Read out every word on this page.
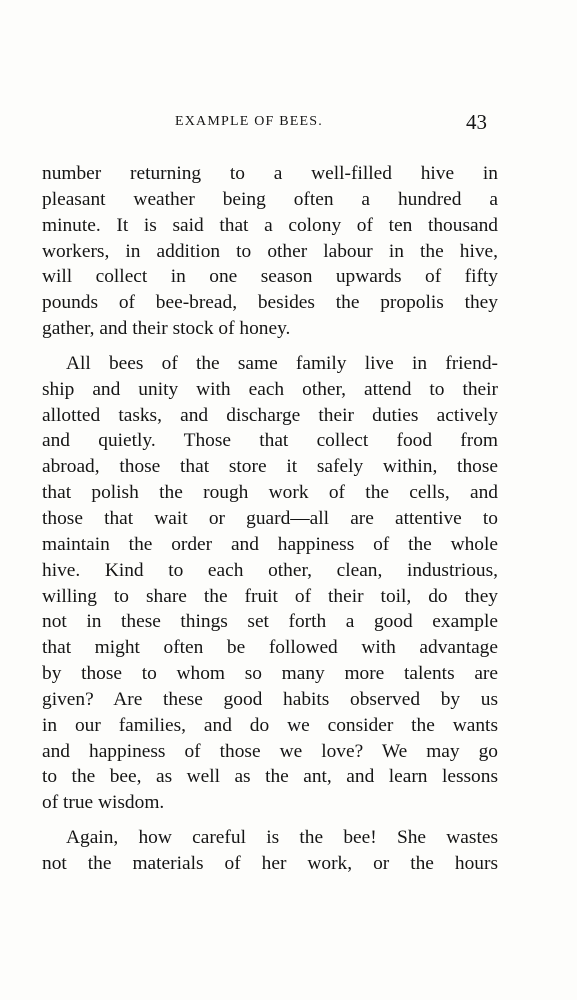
EXAMPLE OF BEES.	43
number returning to a well-filled hive in
pleasant weather being often a hundred a
minute. It is said that a colony of ten thousand
workers, in addition to other labour in the hive,
will collect in one season upwards of fifty
pounds of bee-bread, besides the propolis they
gather, and their stock of honey.
All bees of the same family live in friend-
ship and unity with each other, attend to their
allotted tasks, and discharge their duties actively
and quietly. Those that collect food from
abroad, those that store it safely within, those
that polish the rough work of the cells, and
those that wait or guard—all are attentive to
maintain the order and happiness of the whole
hive. Kind to each other, clean, industrious,
willing to share the fruit of their toil, do they
not in these things set forth a good example
that might often be followed with advantage
by those to whom so many more talents are
given? Are these good habits observed by us
in our families, and do we consider the wants
and happiness of those we love? We may go
to the bee, as well as the ant, and learn lessons
of true wisdom.
Again, how careful is the bee! She wastes
not the materials of her work, or the hours
